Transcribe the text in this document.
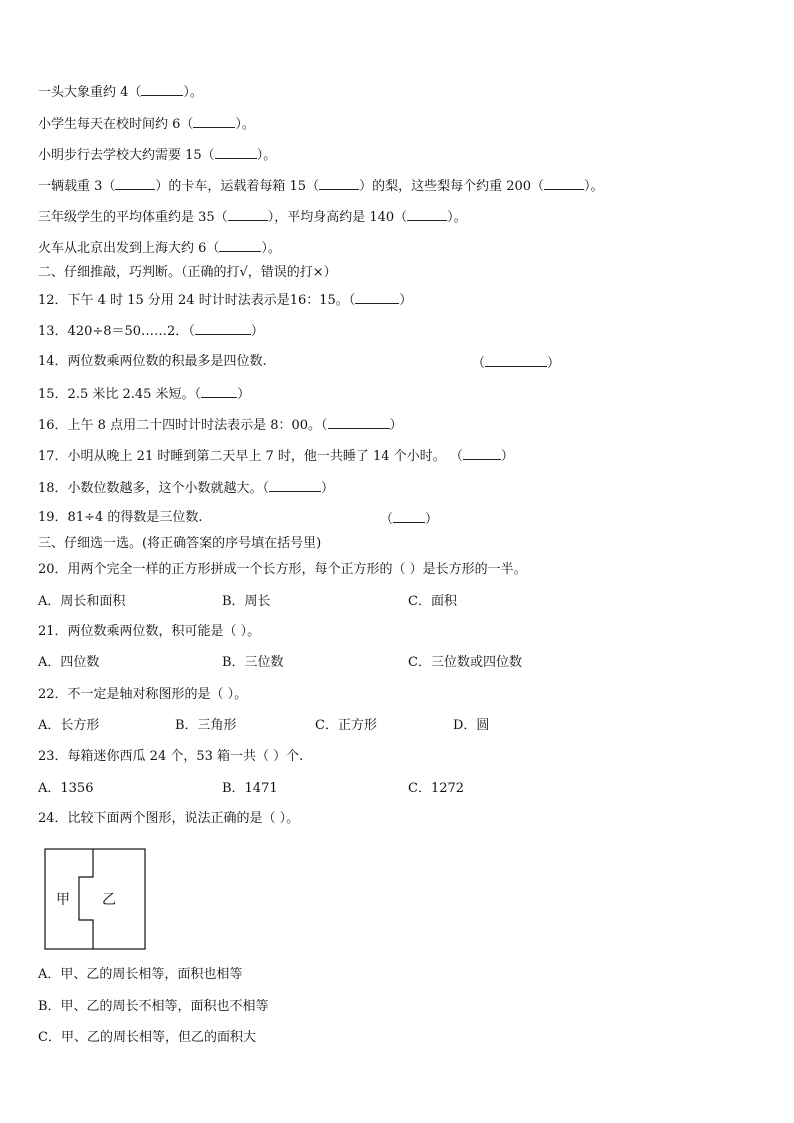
一头大象重约 4（	）。
小学生每天在校时间约 6（	）。
小明步行去学校大约需要 15（	）。
一辆载重 3（	）的卡车，运载着每箱 15（	）的梨，这些梨每个约重 200（	）。
三年级学生的平均体重约是 35（	），平均身高约是 140（	）。
火车从北京出发到上海大约 6（	）。
二、仔细推敲，巧判断。（正确的打√，错误的打×）
12．下午 4 时 15 分用 24 时计时法表示是16：15。（	）
13．420÷8＝50……2．（	）
14．两位数乘两位数的积最多是四位数.	（	）
15．2.5 米比 2.45 米短。（	）
16．上午 8 点用二十四时计时法表示是 8：00。（	）
17．小明从晚上 21 时睡到第二天早上 7 时，他一共睡了 14 个小时。 （	）
18．小数位数越多，这个小数就越大。（	）
19．81÷4 的得数是三位数.	（ ）
三、仔细选一选。(将正确答案的序号填在括号里)
20．用两个完全一样的正方形拼成一个长方形，每个正方形的（ ）是长方形的一半。
A．周长和面积	B．周长	C．面积
21．两位数乘两位数，积可能是（ ）。
A．四位数	B．三位数	C．三位数或四位数
22．不一定是轴对称图形的是（ ）。
A．长方形	B．三角形	C．正方形	D．圆
23．每箱迷你西瓜 24 个，53 箱一共（ ）个.
A．1356	B．1471	C．1272
24．比较下面两个图形，说法正确的是（ ）。
甲 乙
A．甲、乙的周长相等，面积也相等
B．甲、乙的周长不相等，面积也不相等
C．甲、乙的周长相等，但乙的面积大
